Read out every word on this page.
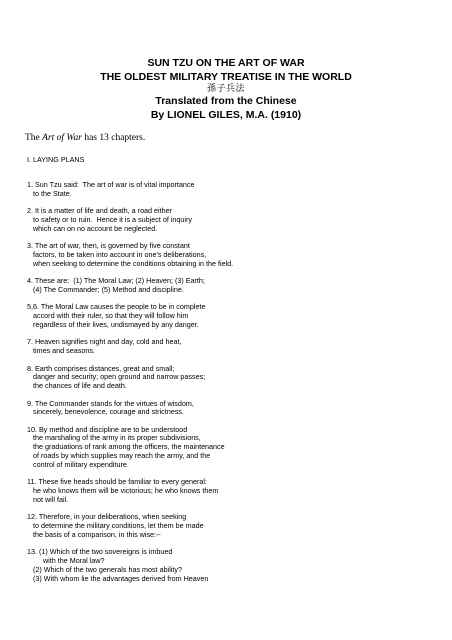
SUN TZU ON THE ART OF WAR
THE OLDEST MILITARY TREATISE IN THE WORLD
孫子兵法
Translated from the Chinese
By LIONEL GILES, M.A. (1910)
The Art of War has 13 chapters.
I. LAYING PLANS
1. Sun Tzu said:  The art of war is of vital importance
to the State.
2. It is a matter of life and death, a road either
to safety or to ruin.  Hence it is a subject of inquiry
which can on no account be neglected.
3. The art of war, then, is governed by five constant
factors, to be taken into account in one's deliberations,
when seeking to determine the conditions obtaining in the field.
4. These are:  (1) The Moral Law; (2) Heaven; (3) Earth;
(4) The Commander; (5) Method and discipline.
5,6. The Moral Law causes the people to be in complete
accord with their ruler, so that they will follow him
regardless of their lives, undismayed by any danger.
7. Heaven signifies night and day, cold and heat,
times and seasons.
8. Earth comprises distances, great and small;
danger and security; open ground and narrow passes;
the chances of life and death.
9. The Commander stands for the virtues of wisdom,
sincerely, benevolence, courage and strictness.
10. By method and discipline are to be understood
the marshaling of the army in its proper subdivisions,
the graduations of rank among the officers, the maintenance
of roads by which supplies may reach the army, and the
control of military expenditure.
11. These five heads should be familiar to every general:
he who knows them will be victorious; he who knows them
not will fail.
12. Therefore, in your deliberations, when seeking
to determine the military conditions, let them be made
the basis of a comparison, in this wise:--
13. (1) Which of the two sovereigns is imbued
with the Moral law?
(2) Which of the two generals has most ability?
(3) With whom lie the advantages derived from Heaven
